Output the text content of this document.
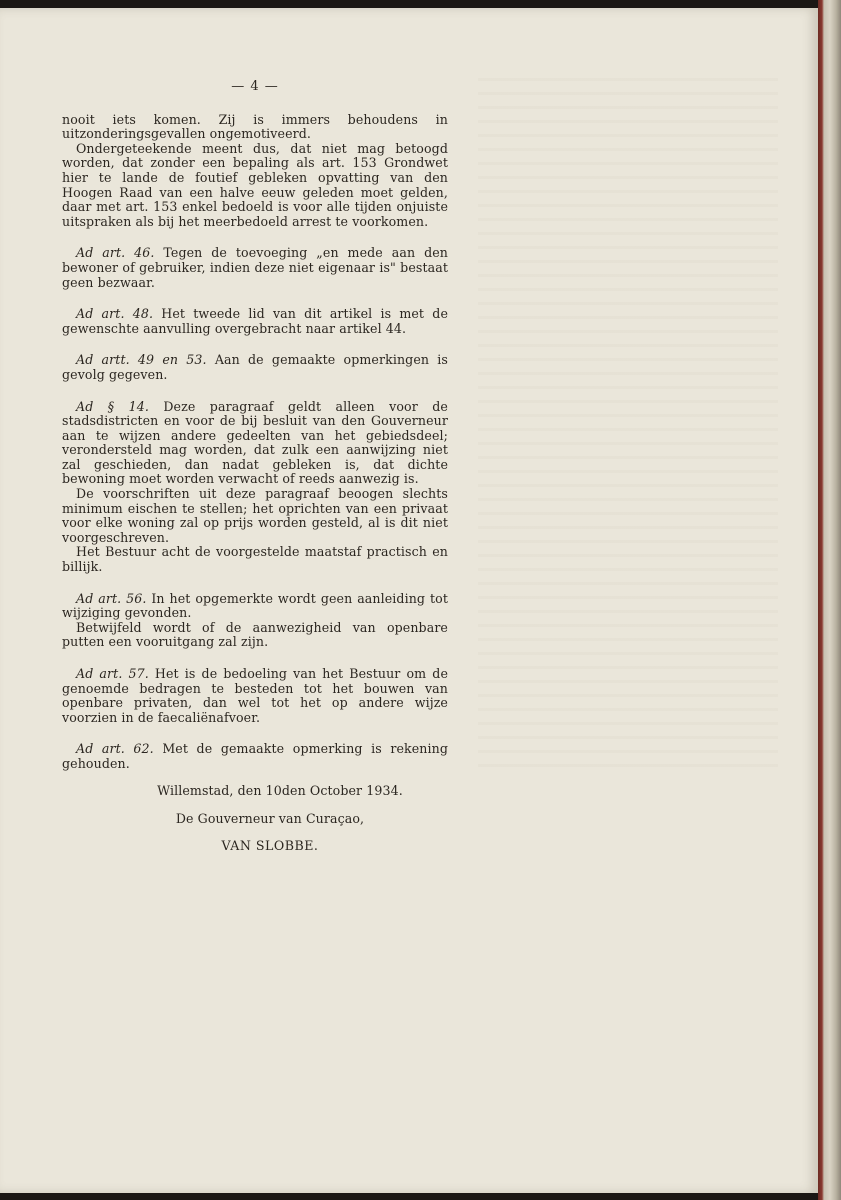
— 4 —

nooit iets komen. Zij is immers behoudens in uitzonderingsgevallen ongemotiveerd.

Ondergeteekende meent dus, dat niet mag betoogd worden, dat zonder een bepaling als art. 153 Grondwet hier te lande de foutief gebleken opvatting van den Hoogen Raad van een halve eeuw geleden moet gelden, daar met art. 153 enkel bedoeld is voor alle tijden onjuiste uitspraken als bij het meerbedoeld arrest te voorkomen.

Ad art. 46. Tegen de toevoeging „en mede aan den bewoner of gebruiker, indien deze niet eigenaar is" bestaat geen bezwaar.

Ad art. 48. Het tweede lid van dit artikel is met de gewenschte aanvulling overgebracht naar artikel 44.

Ad artt. 49 en 53. Aan de gemaakte opmerkingen is gevolg gegeven.

Ad § 14. Deze paragraaf geldt alleen voor de stadsdistricten en voor de bij besluit van den Gouverneur aan te wijzen andere gedeelten van het gebiedsdeel; verondersteld mag worden, dat zulk een aanwijzing niet zal geschieden, dan nadat gebleken is, dat dichte bewoning moet worden verwacht of reeds aanwezig is.

De voorschriften uit deze paragraaf beoogen slechts minimum eischen te stellen; het oprichten van een privaat voor elke woning zal op prijs worden gesteld, al is dit niet voorgeschreven.

Het Bestuur acht de voorgestelde maatstaf practisch en billijk.

Ad art. 56. In het opgemerkte wordt geen aanleiding tot wijziging gevonden.

Betwijfeld wordt of de aanwezigheid van openbare putten een vooruitgang zal zijn.

Ad art. 57. Het is de bedoeling van het Bestuur om de genoemde bedragen te besteden tot het bouwen van openbare privaten, dan wel tot het op andere wijze voorzien in de faecaliënafvoer.

Ad art. 62. Met de gemaakte opmerking is rekening gehouden.

Willemstad, den 10den October 1934.
De Gouverneur van Curaçao,
VAN SLOBBE.
